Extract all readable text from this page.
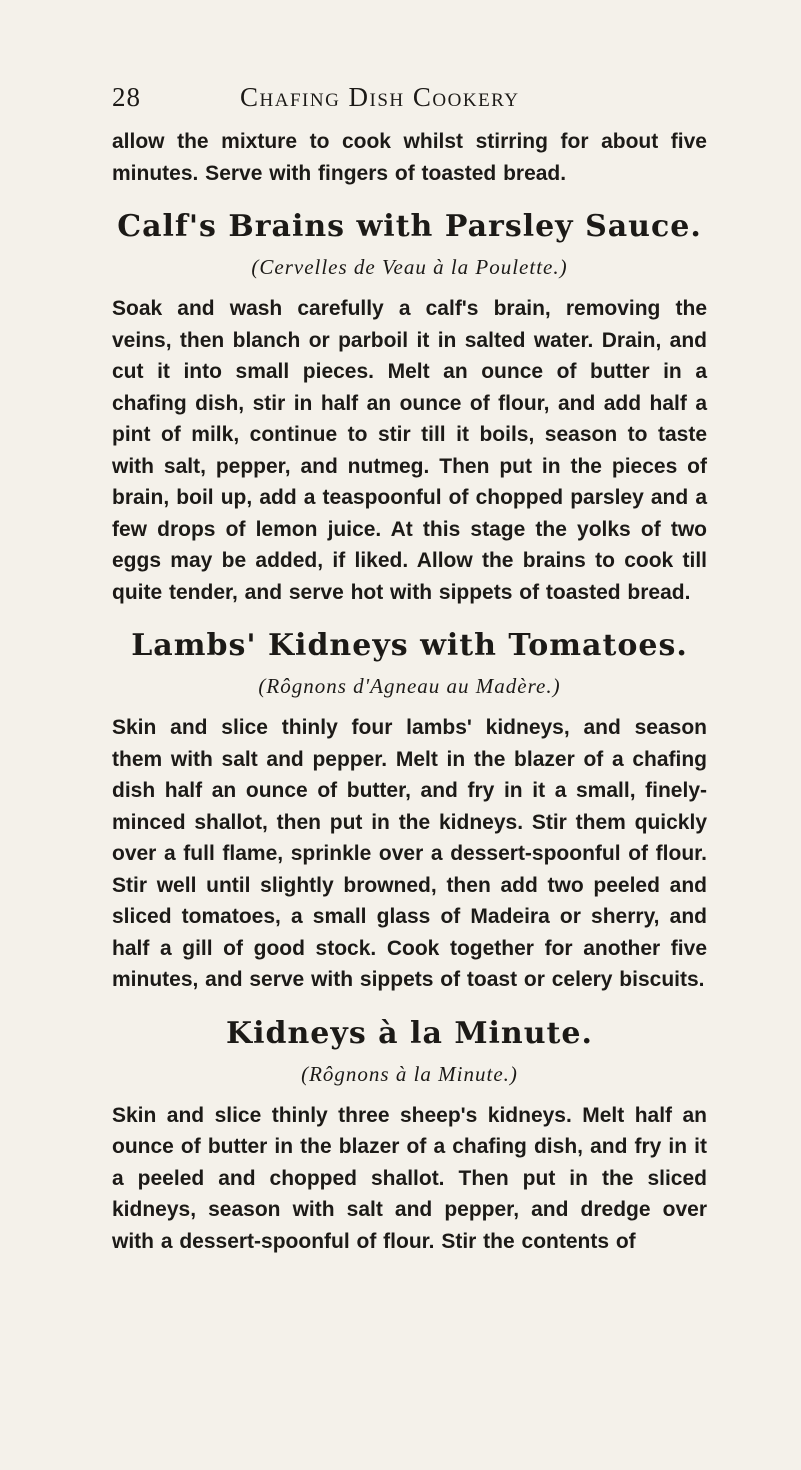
28	Chafing Dish Cookery

allow the mixture to cook whilst stirring for about five minutes. Serve with fingers of toasted bread.

Calf's Brains with Parsley Sauce.
(Cervelles de Veau à la Poulette.)

Soak and wash carefully a calf's brain, removing the veins, then blanch or parboil it in salted water. Drain, and cut it into small pieces. Melt an ounce of butter in a chafing dish, stir in half an ounce of flour, and add half a pint of milk, continue to stir till it boils, season to taste with salt, pepper, and nutmeg. Then put in the pieces of brain, boil up, add a teaspoonful of chopped parsley and a few drops of lemon juice. At this stage the yolks of two eggs may be added, if liked. Allow the brains to cook till quite tender, and serve hot with sippets of toasted bread.

Lambs' Kidneys with Tomatoes.
(Rôgnons d'Agneau au Madère.)

Skin and slice thinly four lambs' kidneys, and season them with salt and pepper. Melt in the blazer of a chafing dish half an ounce of butter, and fry in it a small, finely-minced shallot, then put in the kidneys. Stir them quickly over a full flame, sprinkle over a dessert-spoonful of flour. Stir well until slightly browned, then add two peeled and sliced tomatoes, a small glass of Madeira or sherry, and half a gill of good stock. Cook together for another five minutes, and serve with sippets of toast or celery biscuits.

Kidneys à la Minute.
(Rôgnons à la Minute.)

Skin and slice thinly three sheep's kidneys. Melt half an ounce of butter in the blazer of a chafing dish, and fry in it a peeled and chopped shallot. Then put in the sliced kidneys, season with salt and pepper, and dredge over with a dessert-spoonful of flour. Stir the contents of
